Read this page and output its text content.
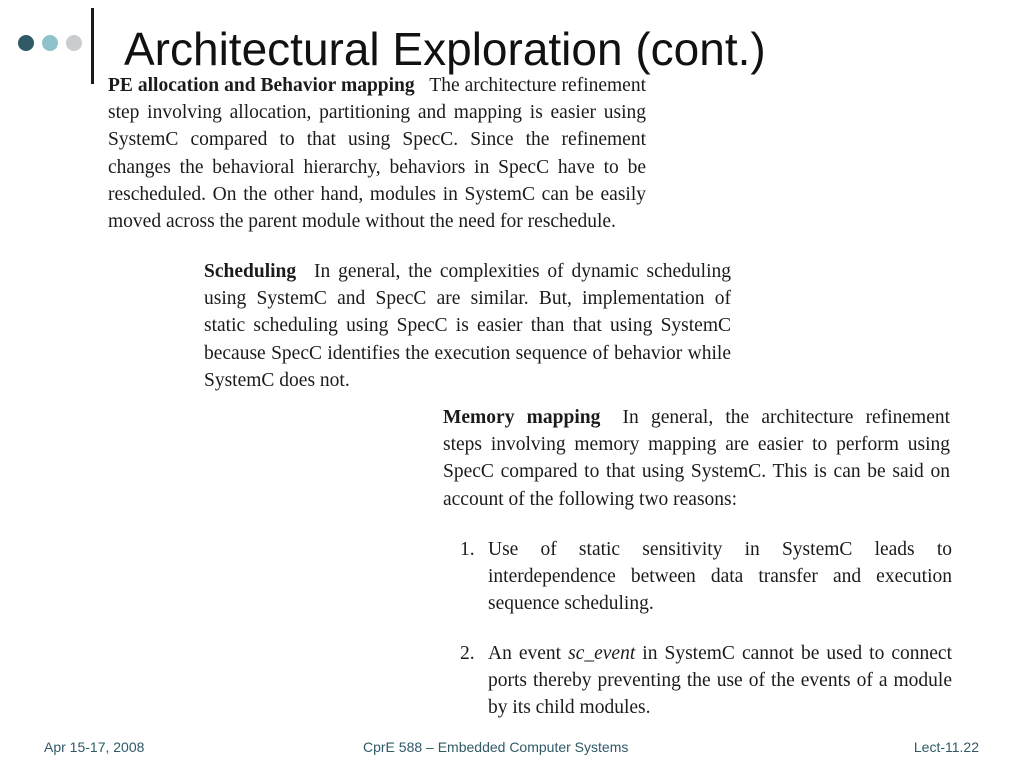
Architectural Exploration (cont.)
PE allocation and Behavior mapping The architecture refinement step involving allocation, partitioning and mapping is easier using SystemC compared to that using SpecC. Since the refinement changes the behavioral hierarchy, behaviors in SpecC have to be rescheduled. On the other hand, modules in SystemC can be easily moved across the parent module without the need for reschedule.
Scheduling In general, the complexities of dynamic scheduling using SystemC and SpecC are similar. But, implementation of static scheduling using SpecC is easier than that using SystemC because SpecC identifies the execution sequence of behavior while SystemC does not.
Memory mapping In general, the architecture refinement steps involving memory mapping are easier to perform using SpecC compared to that using SystemC. This is can be said on account of the following two reasons:
1. Use of static sensitivity in SystemC leads to interdependence between data transfer and execution sequence scheduling.
2. An event sc_event in SystemC cannot be used to connect ports thereby preventing the use of the events of a module by its child modules.
Apr 15-17, 2008	CprE 588 – Embedded Computer Systems	Lect-11.22
